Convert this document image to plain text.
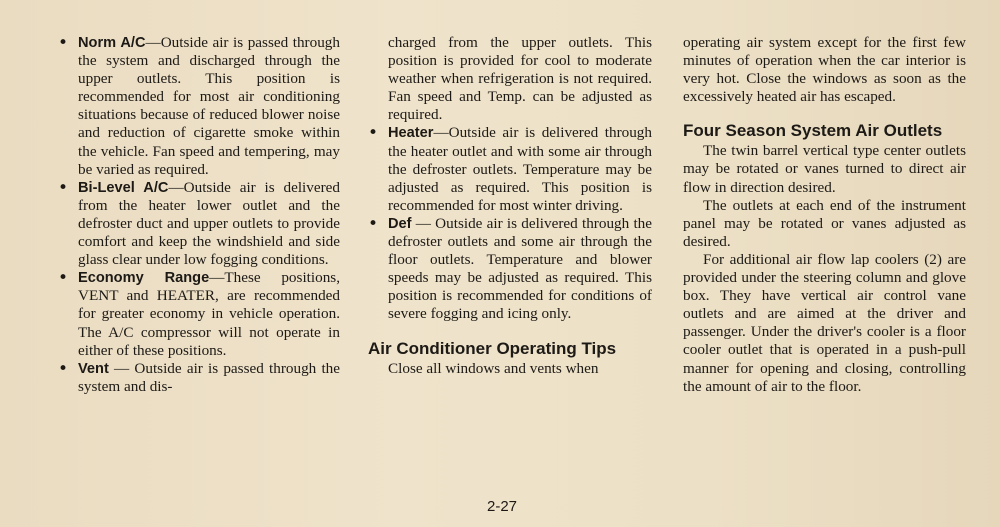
• Norm A/C—Outside air is passed through the system and discharged through the upper outlets. This position is recommended for most air conditioning situations because of reduced blower noise and reduction of cigarette smoke within the vehicle. Fan speed and tempering, may be varied as required.

• Bi-Level A/C—Outside air is delivered from the heater lower outlet and the defroster duct and upper outlets to provide comfort and keep the windshield and side glass clear under low fogging conditions.

• Economy Range—These positions, VENT and HEATER, are recommended for greater economy in vehicle operation. The A/C compressor will not operate in either of these positions.

• Vent — Outside air is passed through the system and dis-

charged from the upper outlets. This position is provided for cool to moderate weather when refrigeration is not required. Fan speed and Temp. can be adjusted as required.

• Heater—Outside air is delivered through the heater outlet and with some air through the defroster outlets. Temperature may be adjusted as required. This position is recommended for most winter driving.

• Def — Outside air is delivered through the defroster outlets and some air through the floor outlets. Temperature and blower speeds may be adjusted as required. This position is recommended for conditions of severe fogging and icing only.

Air Conditioner Operating Tips

Close all windows and vents when

operating air system except for the first few minutes of operation when the car interior is very hot. Close the windows as soon as the excessively heated air has escaped.

Four Season System Air Outlets

The twin barrel vertical type center outlets may be rotated or vanes turned to direct air flow in direction desired.

The outlets at each end of the instrument panel may be rotated or vanes adjusted as desired.

For additional air flow lap coolers (2) are provided under the steering column and glove box. They have vertical air control vane outlets and are aimed at the driver and passenger. Under the driver's cooler is a floor cooler outlet that is operated in a push-pull manner for opening and closing, controlling the amount of air to the floor.

2-27
